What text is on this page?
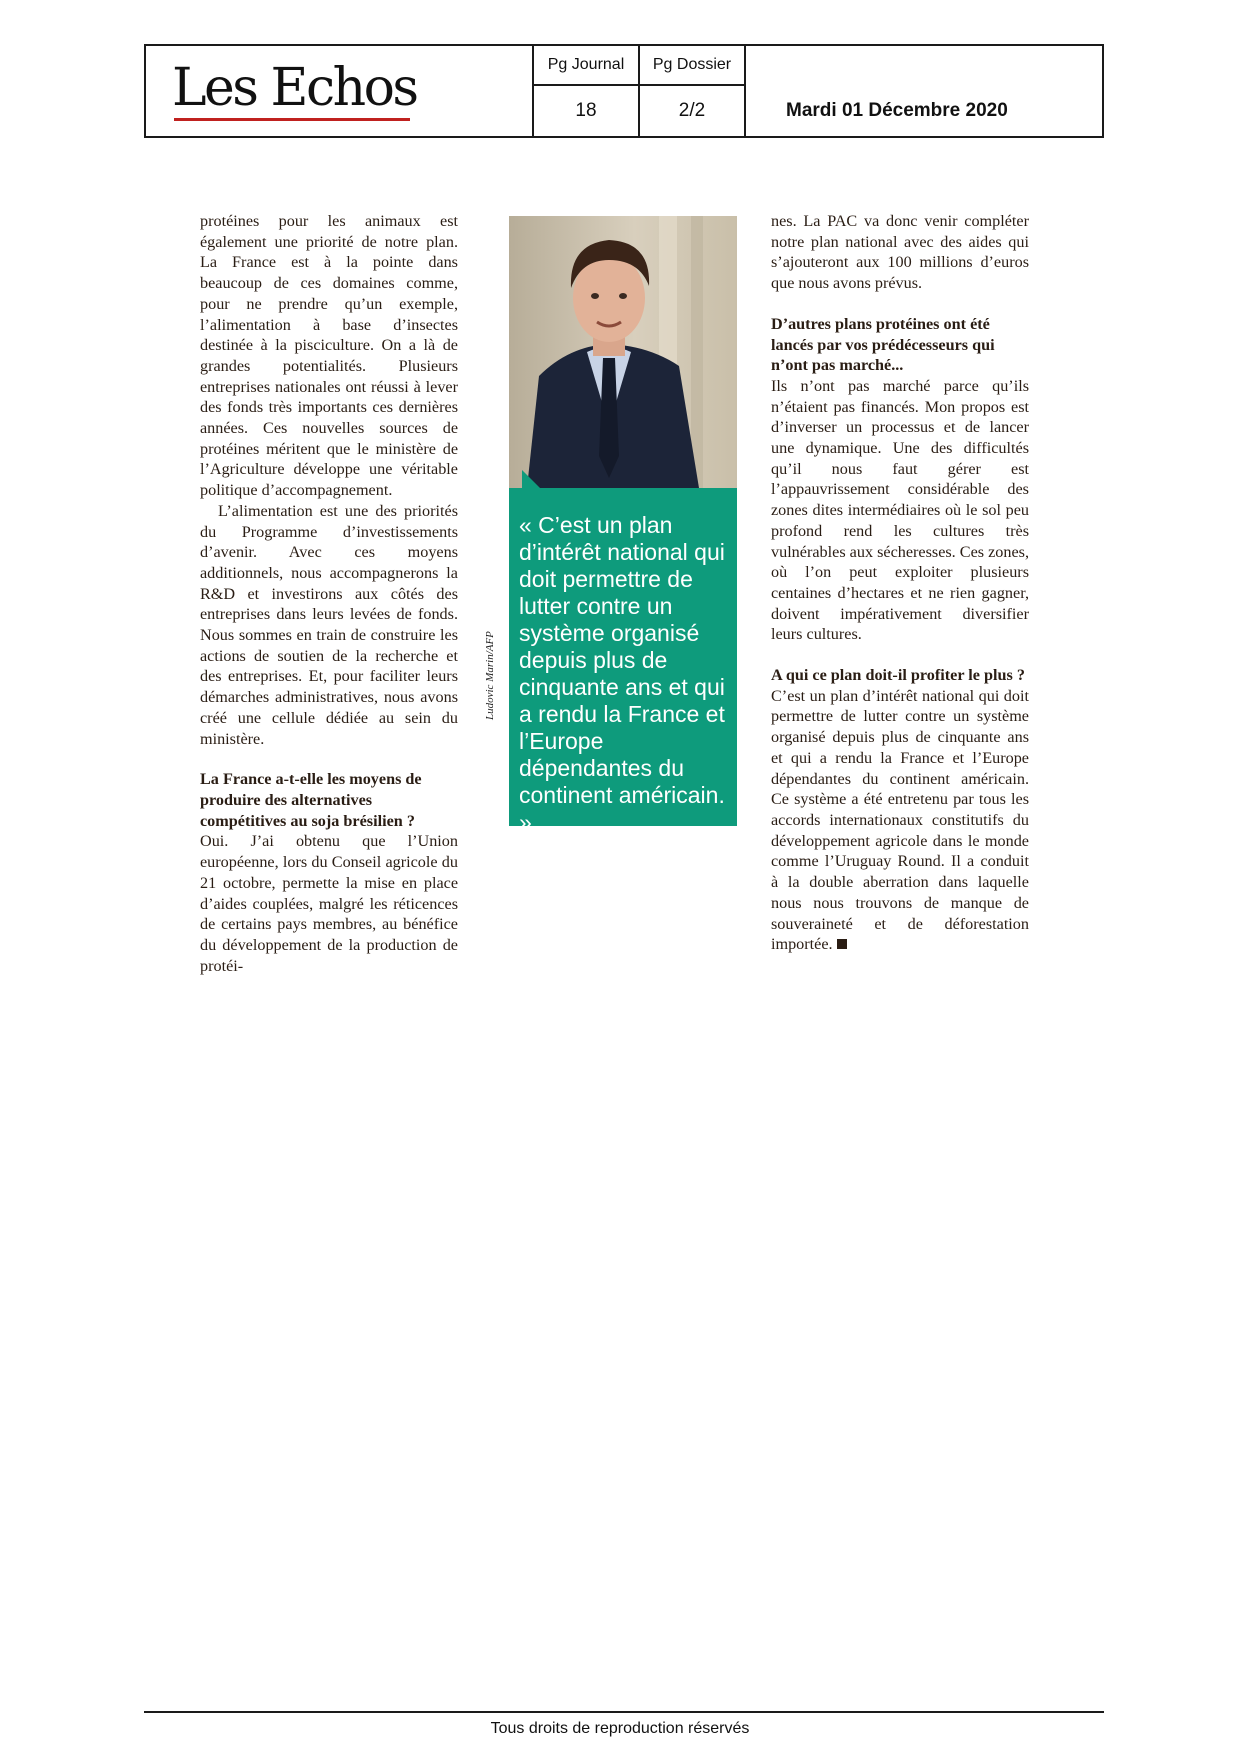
Les Echos	Pg Journal
18
Pg Dossier
2/2	Mardi 01 Décembre 2020

protéines pour les animaux est également une priorité de notre plan. La France est à la pointe dans beaucoup de ces domaines comme, pour ne prendre qu’un exemple, l’alimentation à base d’insectes destinée à la pisciculture. On a là de grandes potentialités. Plusieurs entreprises nationales ont réussi à lever des fonds très importants ces dernières années. Ces nouvelles sources de protéines méritent que le ministère de l’Agriculture développe une véritable politique d’accompagnement.

L’alimentation est une des priorités du Programme d’investissements d’avenir. Avec ces moyens additionnels, nous accompagnerons la R&D et investirons aux côtés des entreprises dans leurs levées de fonds. Nous sommes en train de construire les actions de soutien de la recherche et des entreprises. Et, pour faciliter leurs démarches administratives, nous avons créé une cellule dédiée au sein du ministère.

La France a-t-elle les moyens de produire des alternatives compétitives au soja brésilien ?

Oui. J’ai obtenu que l’Union européenne, lors du Conseil agricole du 21 octobre, permette la mise en place d’aides couplées, malgré les réticences de certains pays membres, au bénéfice du développement de la production de protéi-

Ludovic Marin/AFP
« C’est un plan d’intérêt national qui doit permettre de lutter contre un système organisé depuis plus de cinquante ans et qui a rendu la France et l’Europe dépendantes du continent américain. »

nes. La PAC va donc venir compléter notre plan national avec des aides qui s’ajouteront aux 100 millions d’euros que nous avons prévus.

D’autres plans protéines ont été lancés par vos prédécesseurs qui n’ont pas marché...

Ils n’ont pas marché parce qu’ils n’étaient pas financés. Mon propos est d’inverser un processus et de lancer une dynamique. Une des difficultés qu’il nous faut gérer est l’appauvrissement considérable des zones dites intermédiaires où le sol peu profond rend les cultures très vulnérables aux sécheresses. Ces zones, où l’on peut exploiter plusieurs centaines d’hectares et ne rien gagner, doivent impérativement diversifier leurs cultures.

A qui ce plan doit-il profiter le plus ?

C’est un plan d’intérêt national qui doit permettre de lutter contre un système organisé depuis plus de cinquante ans et qui a rendu la France et l’Europe dépendantes du continent américain. Ce système a été entretenu par tous les accords internationaux constitutifs du développement agricole dans le monde comme l’Uruguay Round. Il a conduit à la double aberration dans laquelle nous nous trouvons de manque de souveraineté et de déforestation importée.

Tous droits de reproduction réservés
